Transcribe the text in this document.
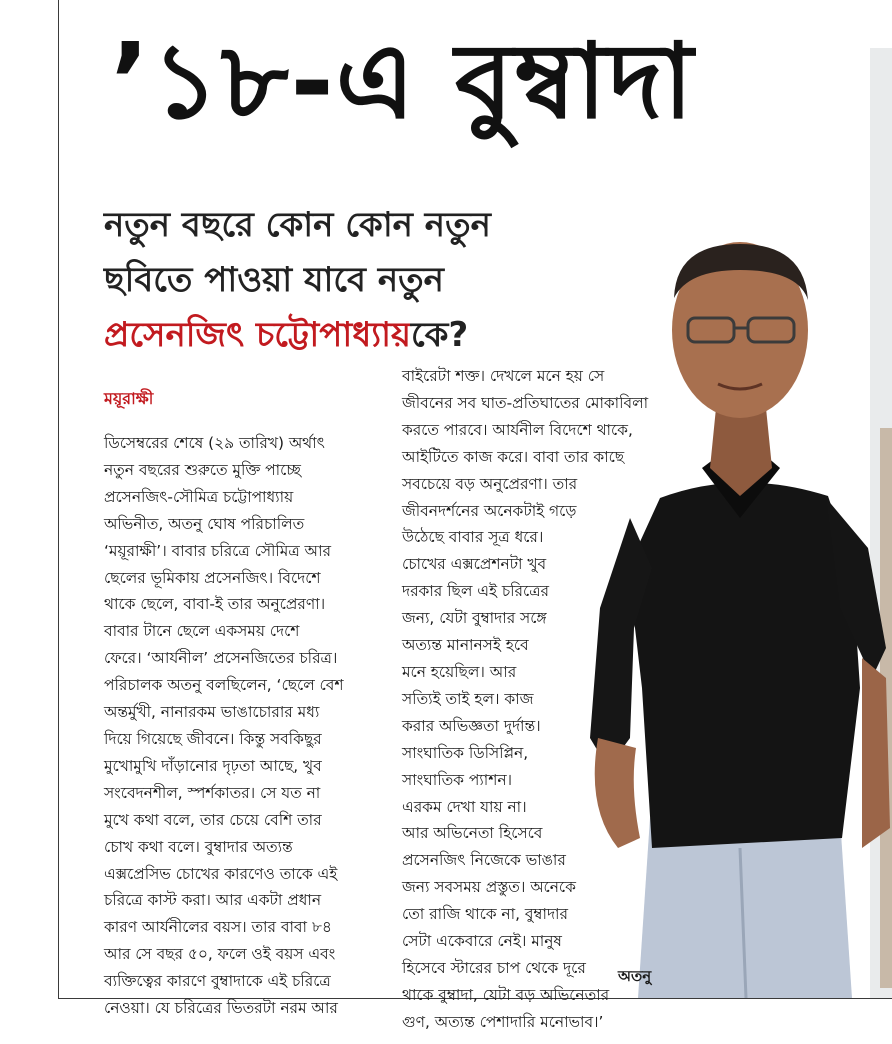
’১৮-এ বুম্বাদা
নতুন বছরে কোন কোন নতুন
ছবিতে পাওয়া যাবে নতুন
প্রসেনজিৎ চট্টোপাধ্যায়কে?
ময়ূরাক্ষী
ডিসেম্বরের শেষে (২৯ তারিখ) অর্থাৎ
নতুন বছরের শুরুতে মুক্তি পাচ্ছে
প্রসেনজিৎ-সৌমিত্র চট্টোপাধ্যায়
অভিনীত, অতনু ঘোষ পরিচালিত
‘ময়ূরাক্ষী’। বাবার চরিত্রে সৌমিত্র আর
ছেলের ভূমিকায় প্রসেনজিৎ। বিদেশে
থাকে ছেলে, বাবা-ই তার অনুপ্রেরণা।
বাবার টানে ছেলে একসময় দেশে
ফেরে। ‘আর্যনীল’ প্রসেনজিতের চরিত্র।
পরিচালক অতনু বলছিলেন, ‘ছেলে বেশ
অন্তর্মুখী, নানারকম ভাঙাচোরার মধ্য
দিয়ে গিয়েছে জীবনে। কিন্তু সবকিছুর
মুখোমুখি দাঁড়ানোর দৃঢ়তা আছে, খুব
সংবেদনশীল, স্পর্শকাতর। সে যত না
মুখে কথা বলে, তার চেয়ে বেশি তার
চোখ কথা বলে। বুম্বাদার অত্যন্ত
এক্সপ্রেসিভ চোখের কারণেও তাকে এই
চরিত্রে কাস্ট করা। আর একটা প্রধান
কারণ আর্যনীলের বয়স। তার বাবা ৮৪
আর সে বছর ৫০, ফলে ওই বয়স এবং
ব্যক্তিত্বের কারণে বুম্বাদাকে এই চরিত্রে
নেওয়া। যে চরিত্রের ভিতরটা নরম আর
বাইরেটা শক্ত। দেখলে মনে হয় সে
জীবনের সব ঘাত-প্রতিঘাতের মোকাবিলা
করতে পারবে। আর্যনীল বিদেশে থাকে,
আইটিতে কাজ করে। বাবা তার কাছে
সবচেয়ে বড় অনুপ্রেরণা। তার
জীবনদর্শনের অনেকটাই গড়ে
উঠেছে বাবার সূত্র ধরে।
চোখের এক্সপ্রেশনটা খুব
দরকার ছিল এই চরিত্রের
জন্য, যেটা বুম্বাদার সঙ্গে
অত্যন্ত মানানসই হবে
মনে হয়েছিল। আর
সত্যিই তাই হল। কাজ
করার অভিজ্ঞতা দুর্দান্ত।
সাংঘাতিক ডিসিপ্লিন,
সাংঘাতিক প্যাশন।
এরকম দেখা যায় না।
আর অভিনেতা হিসেবে
প্রসেনজিৎ নিজেকে ভাঙার
জন্য সবসময় প্রস্তুত। অনেকে
তো রাজি থাকে না, বুম্বাদার
সেটা একেবারে নেই। মানুষ
হিসেবে স্টারের চাপ থেকে দূরে
থাকে বুম্বাদা, যেটা বড় অভিনেতার
গুণ, অত্যন্ত পেশাদারি মনোভাব।’
অতনু
